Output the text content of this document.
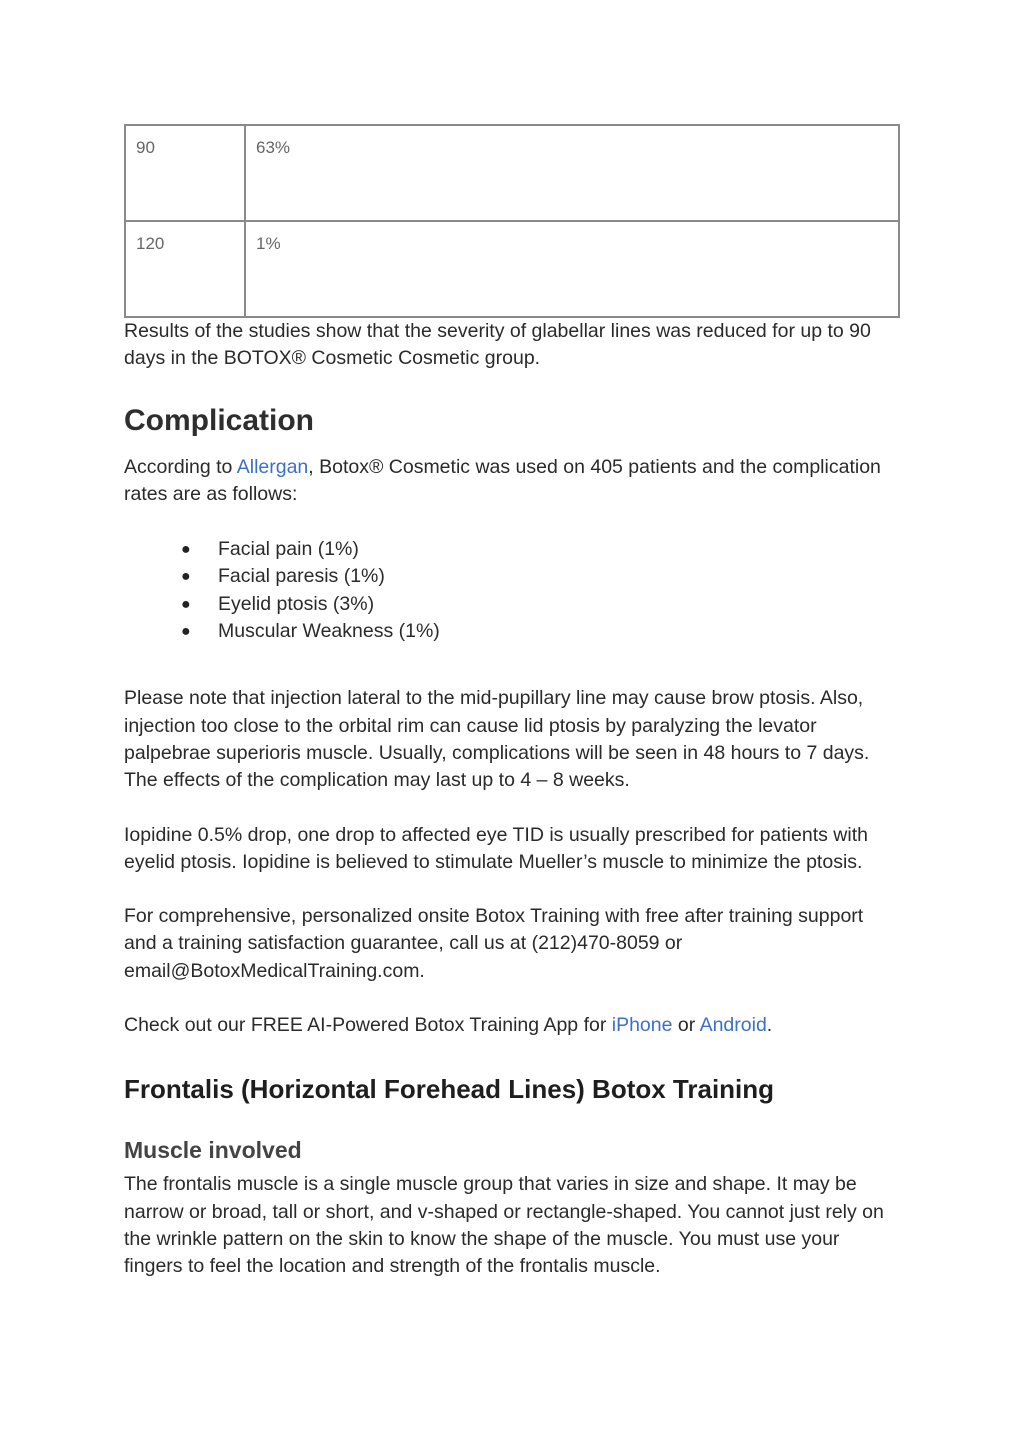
90	63%
120	1%

Results of the studies show that the severity of glabellar lines was reduced for up to 90 days in the BOTOX® Cosmetic Cosmetic group.

Complication

According to Allergan, Botox® Cosmetic was used on 405 patients and the complication rates are as follows:

● Facial pain (1%)
● Facial paresis (1%)
● Eyelid ptosis (3%)
● Muscular Weakness (1%)

Please note that injection lateral to the mid-pupillary line may cause brow ptosis. Also, injection too close to the orbital rim can cause lid ptosis by paralyzing the levator palpebrae superioris muscle. Usually, complications will be seen in 48 hours to 7 days. The effects of the complication may last up to 4 – 8 weeks.

Iopidine 0.5% drop, one drop to affected eye TID is usually prescribed for patients with eyelid ptosis. Iopidine is believed to stimulate Mueller’s muscle to minimize the ptosis.

For comprehensive, personalized onsite Botox Training with free after training support and a training satisfaction guarantee, call us at (212)470-8059 or email@BotoxMedicalTraining.com.

Check out our FREE AI-Powered Botox Training App for iPhone or Android.

Frontalis (Horizontal Forehead Lines) Botox Training
Muscle involved

The frontalis muscle is a single muscle group that varies in size and shape. It may be narrow or broad, tall or short, and v-shaped or rectangle-shaped. You cannot just rely on the wrinkle pattern on the skin to know the shape of the muscle. You must use your fingers to feel the location and strength of the frontalis muscle.
